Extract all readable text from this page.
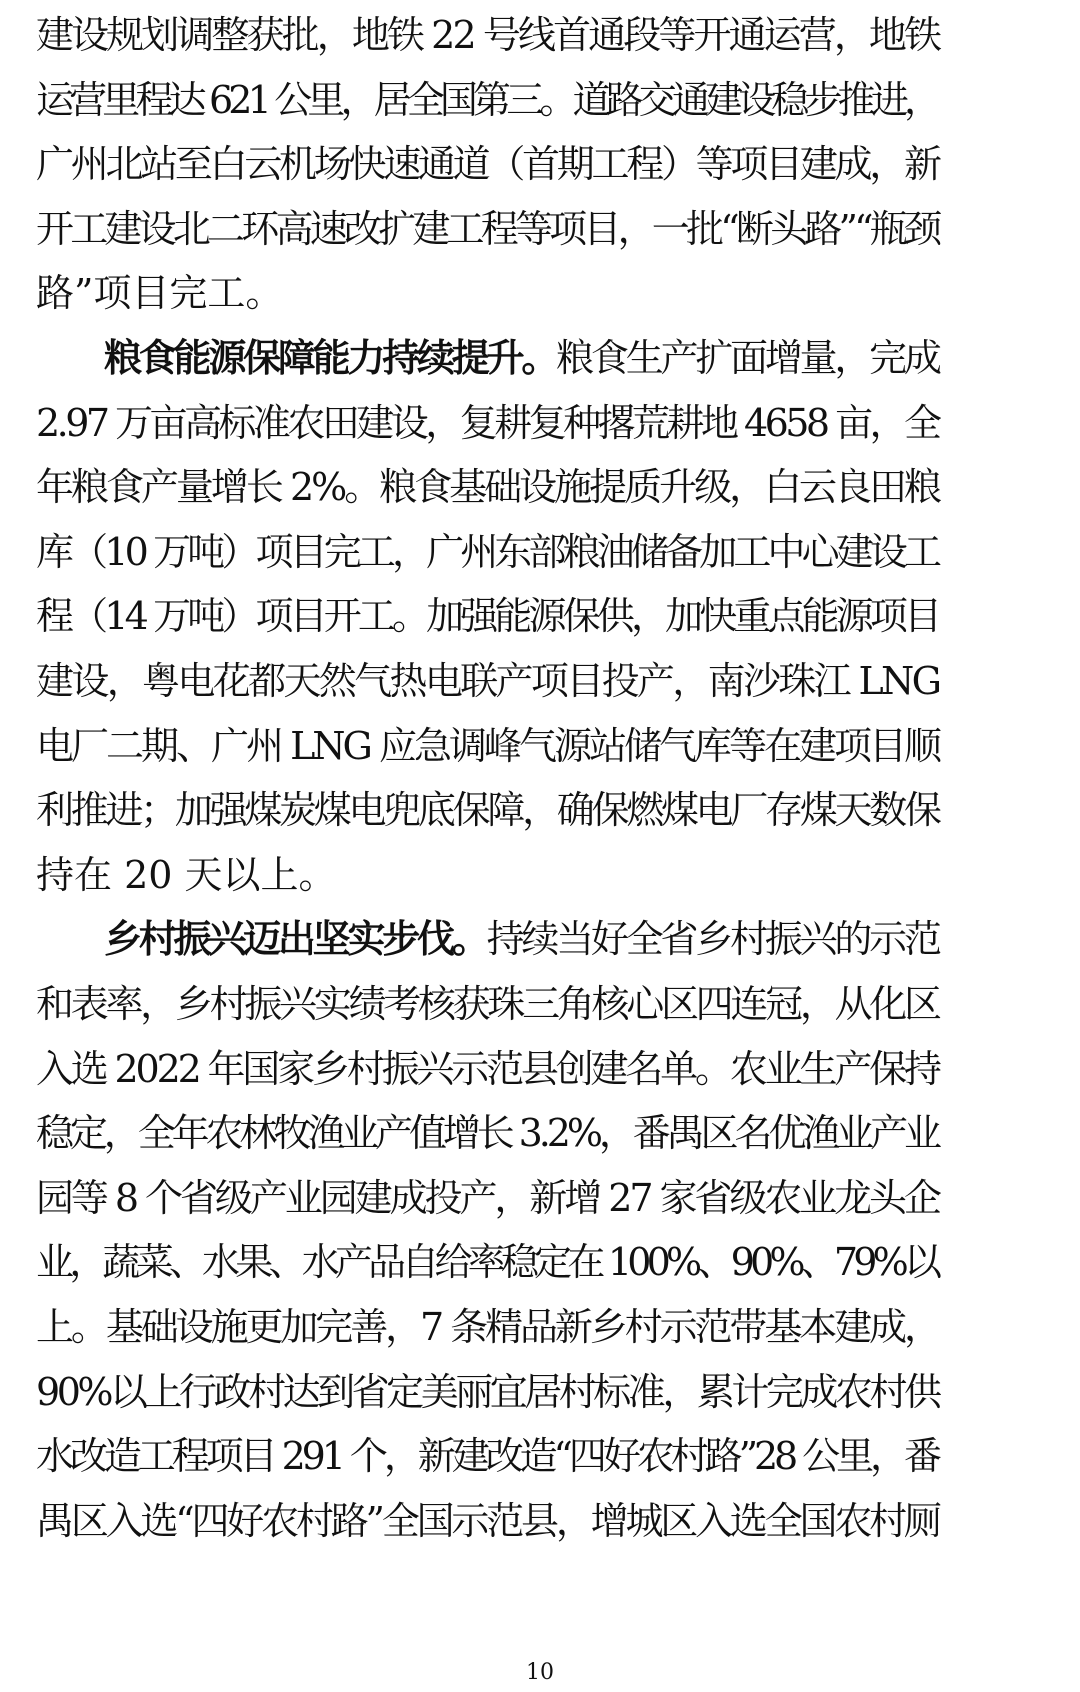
建设规划调整获批，地铁 22 号线首通段等开通运营，地铁
运营里程达 621 公里，居全国第三。道路交通建设稳步推进，
广州北站至白云机场快速通道（首期工程）等项目建成，新
开工建设北二环高速改扩建工程等项目，一批“断头路”“瓶颈
路”项目完工。
粮食能源保障能力持续提升。粮食生产扩面增量，完成
2.97 万亩高标准农田建设，复耕复种撂荒耕地 4658 亩，全
年粮食产量增长 2%。粮食基础设施提质升级，白云良田粮
库（10 万吨）项目完工，广州东部粮油储备加工中心建设工
程（14 万吨）项目开工。加强能源保供，加快重点能源项目
建设，粤电花都天然气热电联产项目投产，南沙珠江 LNG
电厂二期、广州 LNG 应急调峰气源站储气库等在建项目顺
利推进；加强煤炭煤电兜底保障，确保燃煤电厂存煤天数保
持在 20 天以上。
乡村振兴迈出坚实步伐。持续当好全省乡村振兴的示范
和表率，乡村振兴实绩考核获珠三角核心区四连冠，从化区
入选 2022 年国家乡村振兴示范县创建名单。农业生产保持
稳定，全年农林牧渔业产值增长 3.2%，番禺区名优渔业产业
园等 8 个省级产业园建成投产，新增 27 家省级农业龙头企
业，蔬菜、水果、水产品自给率稳定在 100%、90%、79%以
上。基础设施更加完善，7 条精品新乡村示范带基本建成，
90%以上行政村达到省定美丽宜居村标准，累计完成农村供
水改造工程项目 291 个，新建改造“四好农村路”28 公里，番
禺区入选“四好农村路”全国示范县，增城区入选全国农村厕
10
